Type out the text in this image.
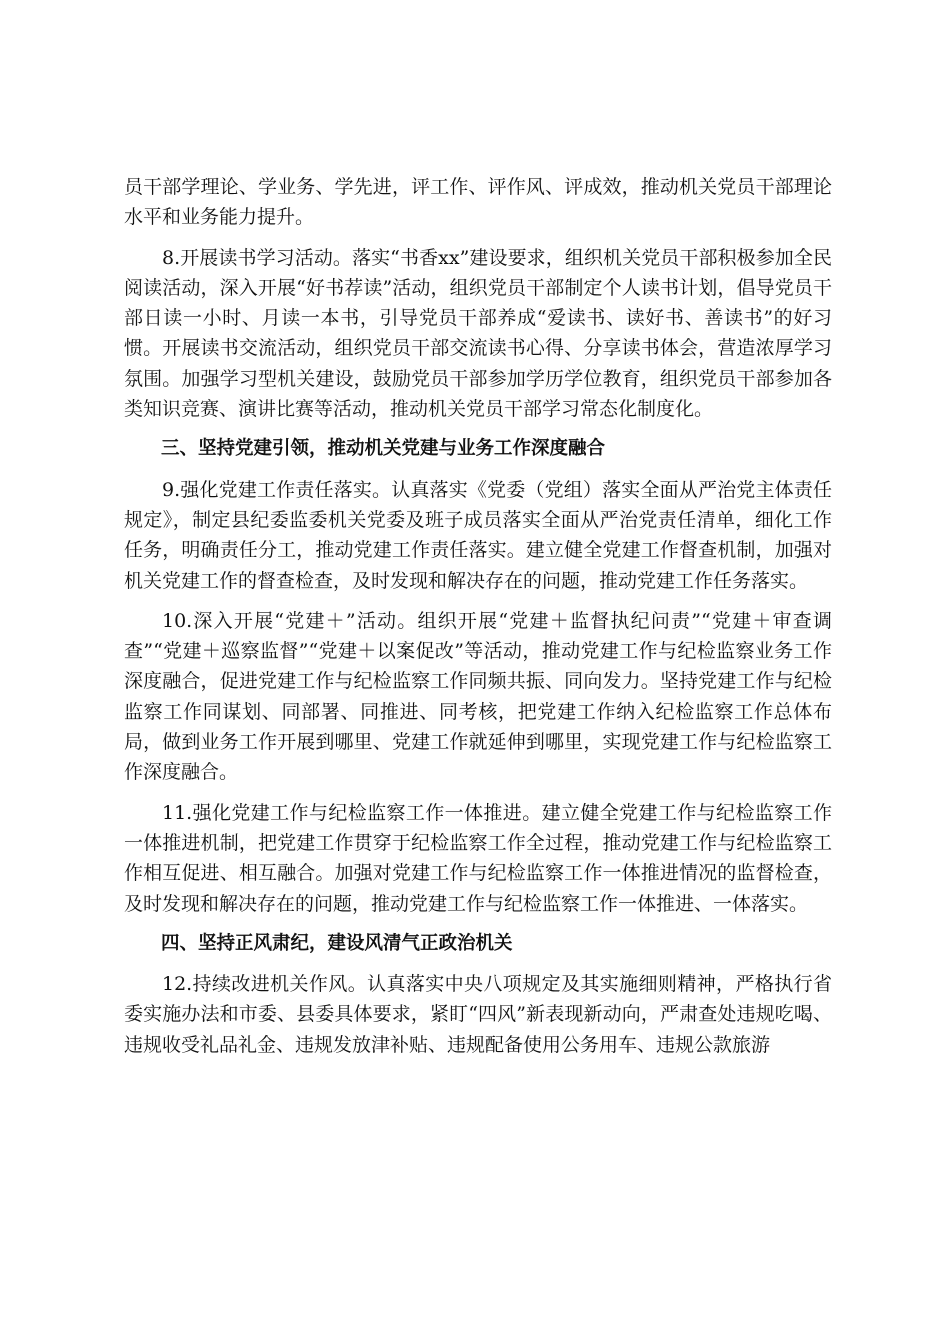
员干部学理论、学业务、学先进，评工作、评作风、评成效，推动机关党员干部理论水平和业务能力提升。

8.开展读书学习活动。落实“书香xx”建设要求，组织机关党员干部积极参加全民阅读活动，深入开展“好书荐读”活动，组织党员干部制定个人读书计划，倡导党员干部日读一小时、月读一本书，引导党员干部养成“爱读书、读好书、善读书”的好习惯。开展读书交流活动，组织党员干部交流读书心得、分享读书体会，营造浓厚学习氛围。加强学习型机关建设，鼓励党员干部参加学历学位教育，组织党员干部参加各类知识竞赛、演讲比赛等活动，推动机关党员干部学习常态化制度化。

三、坚持党建引领，推动机关党建与业务工作深度融合

9.强化党建工作责任落实。认真落实《党委（党组）落实全面从严治党主体责任规定》，制定县纪委监委机关党委及班子成员落实全面从严治党责任清单，细化工作任务，明确责任分工，推动党建工作责任落实。建立健全党建工作督查机制，加强对机关党建工作的督查检查，及时发现和解决存在的问题，推动党建工作任务落实。

10.深入开展“党建＋”活动。组织开展“党建＋监督执纪问责”“党建＋审查调查”“党建＋巡察监督”“党建＋以案促改”等活动，推动党建工作与纪检监察业务工作深度融合，促进党建工作与纪检监察工作同频共振、同向发力。坚持党建工作与纪检监察工作同谋划、同部署、同推进、同考核，把党建工作纳入纪检监察工作总体布局，做到业务工作开展到哪里、党建工作就延伸到哪里，实现党建工作与纪检监察工作深度融合。

11.强化党建工作与纪检监察工作一体推进。建立健全党建工作与纪检监察工作一体推进机制，把党建工作贯穿于纪检监察工作全过程，推动党建工作与纪检监察工作相互促进、相互融合。加强对党建工作与纪检监察工作一体推进情况的监督检查，及时发现和解决存在的问题，推动党建工作与纪检监察工作一体推进、一体落实。

四、坚持正风肃纪，建设风清气正政治机关

12.持续改进机关作风。认真落实中央八项规定及其实施细则精神，严格执行省委实施办法和市委、县委具体要求，紧盯“四风”新表现新动向，严肃查处违规吃喝、违规收受礼品礼金、违规发放津补贴、违规配备使用公务用车、违规公款旅游
